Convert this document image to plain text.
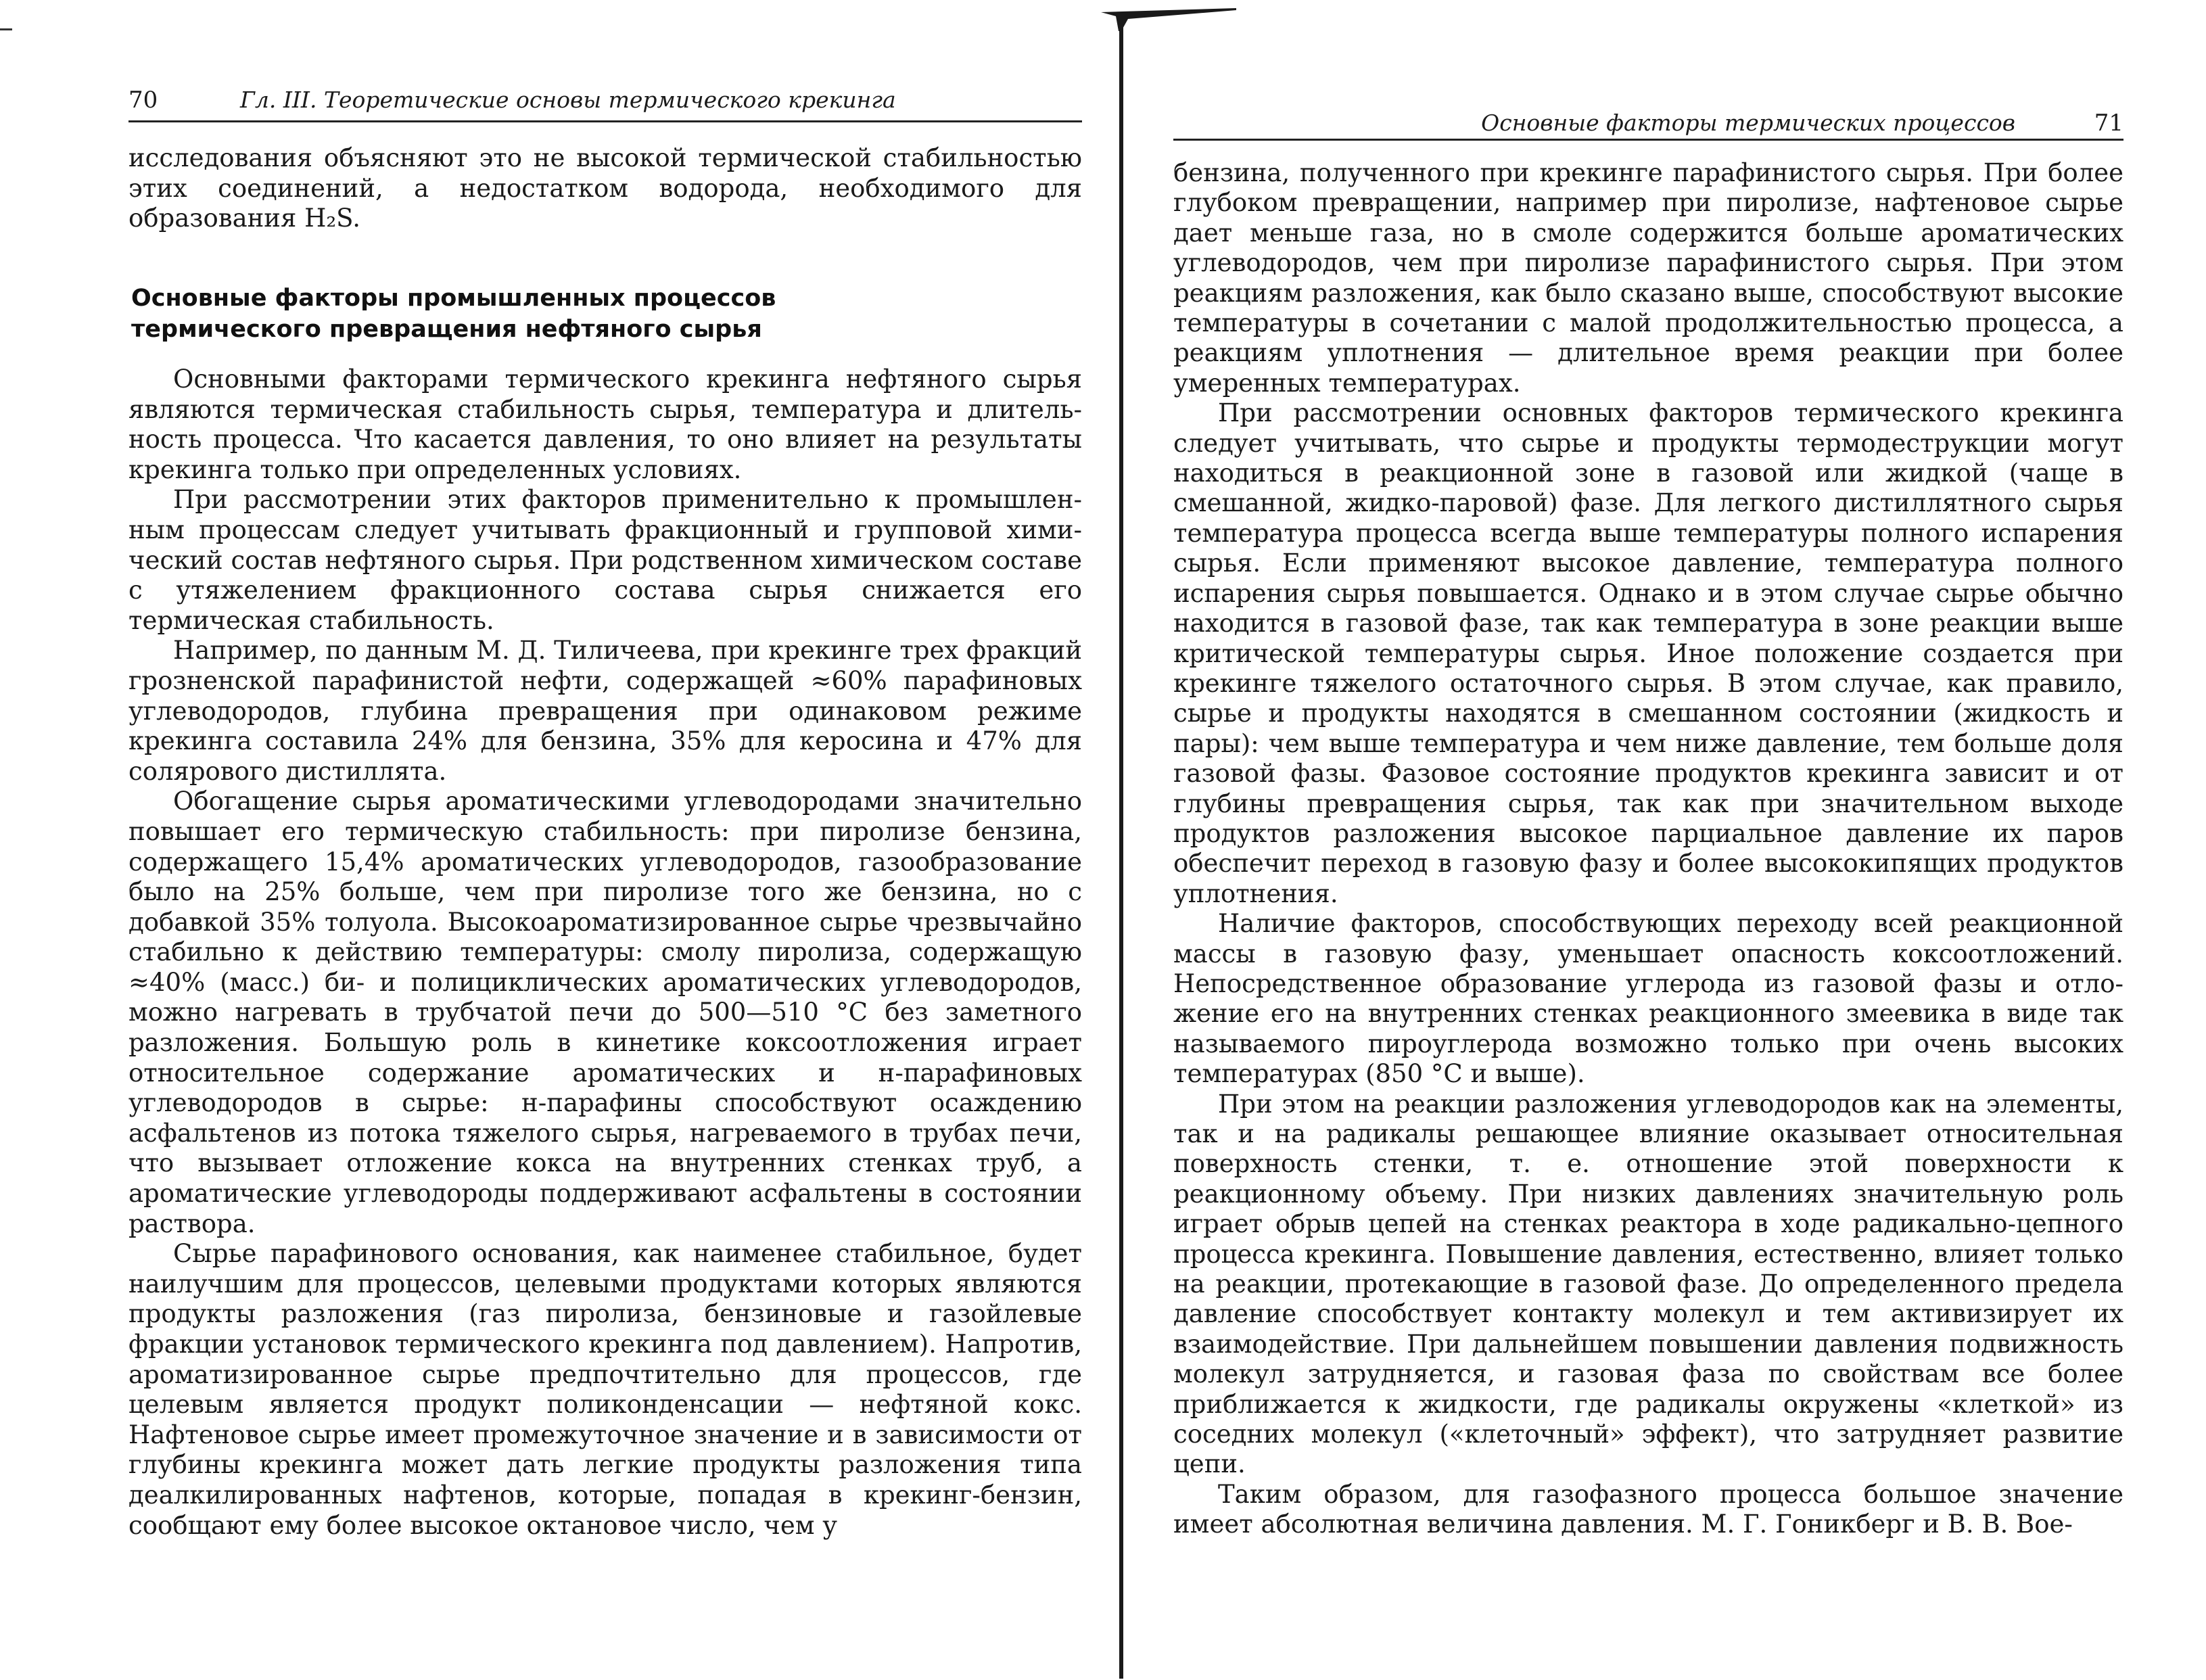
70	Гл. III. Теоретические основы термического крекинга

исследования объясняют это не высокой термической стабильностью этих соединений, а недостатком водорода, необходимого для образования H₂S.

Основные факторы промышленных процессов
термического превращения нефтяного сырья

Основными факторами термического крекинга нефтяного сырья являются термическая стабильность сырья, температура и длительность процесса. Что касается давления, то оно влияет на результаты крекинга только при определенных условиях.

При рассмотрении этих факторов применительно к промышленным процессам следует учитывать фракционный и групповой химический состав нефтяного сырья. При родственном химическом составе с утяжелением фракционного состава сырья снижается его термическая стабильность.

Например, по данным М. Д. Тиличеева, при крекинге трех фракций грозненской парафинистой нефти, содержащей ≈60% парафиновых углеводородов, глубина превращения при одинаковом режиме крекинга составила 24% для бензина, 35% для керосина и 47% для солярового дистиллята.

Обогащение сырья ароматическими углеводородами значительно повышает его термическую стабильность: при пиролизе бензина, содержащего 15,4% ароматических углеводородов, газообразование было на 25% больше, чем при пиролизе того же бензина, но с добавкой 35% толуола. Высокоароматизированное сырье чрезвычайно стабильно к действию температуры: смолу пиролиза, содержащую ≈40% (масс.) би- и полициклических ароматических углеводородов, можно нагревать в трубчатой печи до 500—510 °С без заметного разложения. Большую роль в кинетике коксоотложения играет относительное содержание ароматических и н-парафиновых углеводородов в сырье: н-парафины способствуют осаждению асфальтенов из потока тяжелого сырья, нагреваемого в трубах печи, что вызывает отложение кокса на внутренних стенках труб, а ароматические углеводороды поддерживают асфальтены в состоянии раствора.

Сырье парафинового основания, как наименее стабильное, будет наилучшим для процессов, целевыми продуктами которых являются продукты разложения (газ пиролиза, бензиновые и газойлевые фракции установок термического крекинга под давлением). Напротив, ароматизированное сырье предпочтительно для процессов, где целевым является продукт поликонденсации — нефтяной кокс. Нафтеновое сырье имеет промежуточное значение и в зависимости от глубины крекинга может дать легкие продукты разложения типа деалкилированных нафтенов, которые, попадая в крекинг-бензин, сообщают ему более высокое октановое число, чем у

Основные факторы термических процессов	71

бензина, полученного при крекинге парафинистого сырья. При более глубоком превращении, например при пиролизе, нафтеновое сырье дает меньше газа, но в смоле содержится больше ароматических углеводородов, чем при пиролизе парафинистого сырья. При этом реакциям разложения, как было сказано выше, способствуют высокие температуры в сочетании с малой продолжительностью процесса, а реакциям уплотнения — длительное время реакции при более умеренных температурах.

При рассмотрении основных факторов термического крекинга следует учитывать, что сырье и продукты термодеструкции могут находиться в реакционной зоне в газовой или жидкой (чаще в смешанной, жидко-паровой) фазе. Для легкого дистиллятного сырья температура процесса всегда выше температуры полного испарения сырья. Если применяют высокое давление, температура полного испарения сырья повышается. Однако и в этом случае сырье обычно находится в газовой фазе, так как температура в зоне реакции выше критической температуры сырья. Иное положение создается при крекинге тяжелого остаточного сырья. В этом случае, как правило, сырье и продукты находятся в смешанном состоянии (жидкость и пары): чем выше температура и чем ниже давление, тем больше доля газовой фазы. Фазовое состояние продуктов крекинга зависит и от глубины превращения сырья, так как при значительном выходе продуктов разложения высокое парциальное давление их паров обеспечит переход в газовую фазу и более высококипящих продуктов уплотнения.

Наличие факторов, способствующих переходу всей реакционной массы в газовую фазу, уменьшает опасность коксоотложений. Непосредственное образование углерода из газовой фазы и отложение его на внутренних стенках реакционного змеевика в виде так называемого пироуглерода возможно только при очень высоких температурах (850 °С и выше).

При этом на реакции разложения углеводородов как на элементы, так и на радикалы решающее влияние оказывает относительная поверхность стенки, т. е. отношение этой поверхности к реакционному объему. При низких давлениях значительную роль играет обрыв цепей на стенках реактора в ходе радикально-цепного процесса крекинга. Повышение давления, естественно, влияет только на реакции, протекающие в газовой фазе. До определенного предела давление способствует контакту молекул и тем активизирует их взаимодействие. При дальнейшем повышении давления подвижность молекул затрудняется, и газовая фаза по свойствам все более приближается к жидкости, где радикалы окружены «клеткой» из соседних молекул («клеточный» эффект), что затрудняет развитие цепи.

Таким образом, для газофазного процесса большое значение имеет абсолютная величина давления. М. Г. Гоникберг и В. В. Вое-
